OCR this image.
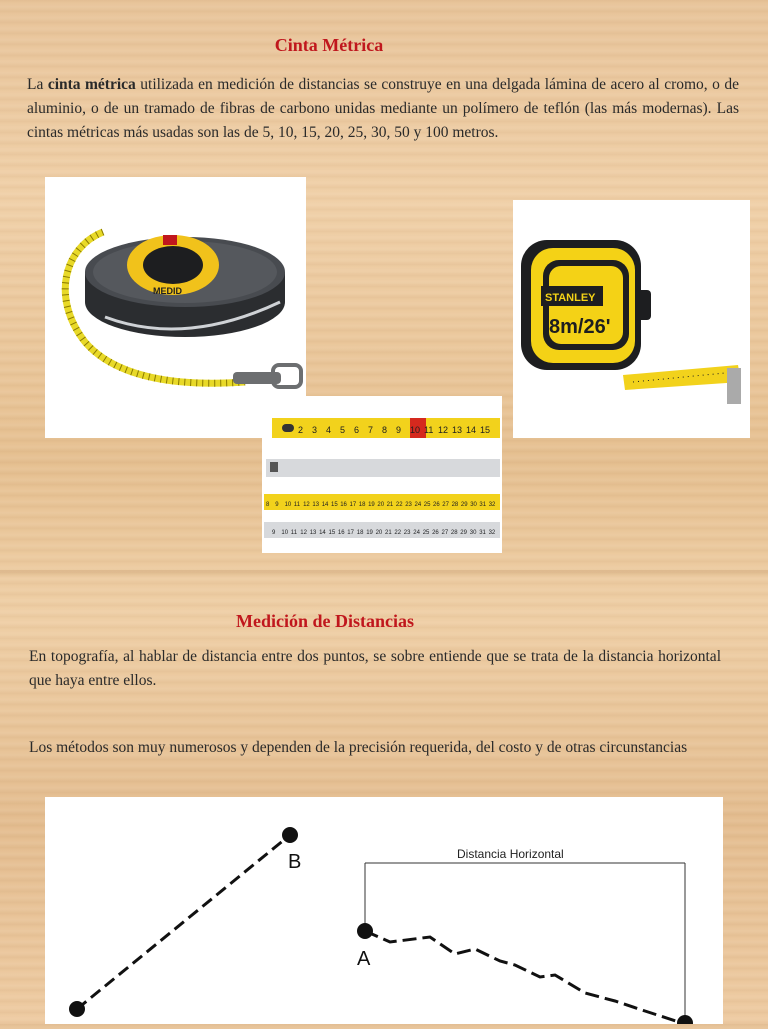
Cinta Métrica
La cinta métrica utilizada en medición de distancias se construye en una delgada lámina de acero al cromo, o de aluminio, o de un tramado de fibras de carbono unidas mediante un polímero de teflón (las más modernas). Las cintas métricas más usadas son las de 5, 10, 15, 20, 25, 30, 50 y 100 metros.
MEDID
STANLEY
8m/26'
2 3 4 5 6 7 8 9 10 11 12 13 14 15
8 9 10 11 12 13 14 15 16 17 18 19 20 21 22 23 24 25 26 27 28 29 30 31 32
9 10 11 12 13 14 15 16 17 18 19 20 21 22 23 24 25 26 27 28 29 30 31 32
Medición de Distancias
En topografía, al hablar de distancia entre dos puntos, se sobre entiende que se trata de la distancia horizontal que haya entre ellos.
Los métodos son muy numerosos y dependen de la precisión requerida, del costo y de otras circunstancias
B	Distancia Horizontal
A
